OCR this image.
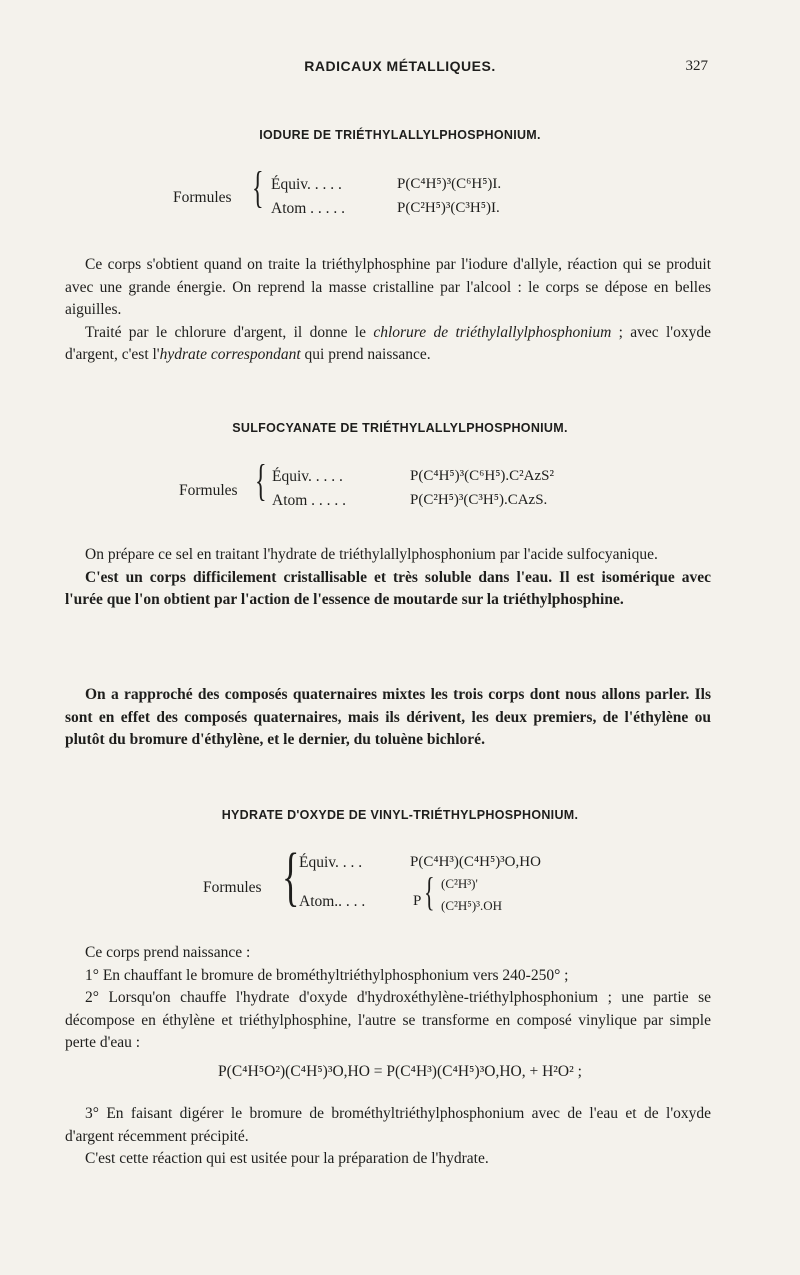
RADICAUX MÉTALLIQUES.	327
IODURE DE TRIÉTHYLALLYLPHOSPHONIUM.
Formules { Équiv. . . . .	P(C⁴H⁵)³(C⁶H⁵)I.
Atom . . . . .	P(C²H⁵)³(C³H⁵)I.

Ce corps s'obtient quand on traite la triéthylphosphine par l'iodure d'allyle, réaction qui se produit avec une grande énergie. On reprend la masse cristalline par l'alcool : le corps se dépose en belles aiguilles.

Traité par le chlorure d'argent, il donne le chlorure de triéthylallylphosphonium ; avec l'oxyde d'argent, c'est l'hydrate correspondant qui prend naissance.

SULFOCYANATE DE TRIÉTHYLALLYLPHOSPHONIUM.
Formules { Équiv. . . . .	P(C⁴H⁵)³(C⁶H⁵).C²AzS²
Atom . . . . .	P(C²H⁵)³(C³H⁵).CAzS.

On prépare ce sel en traitant l'hydrate de triéthylallylphosphonium par l'acide sulfocyanique.

C'est un corps difficilement cristallisable et très soluble dans l'eau. Il est isomérique avec l'urée que l'on obtient par l'action de l'essence de moutarde sur la triéthylphosphine.

On a rapproché des composés quaternaires mixtes les trois corps dont nous allons parler. Ils sont en effet des composés quaternaires, mais ils dérivent, les deux premiers, de l'éthylène ou plutôt du bromure d'éthylène, et le dernier, du toluène bichloré.

HYDRATE D'OXYDE DE VINYL-TRIÉTHYLPHOSPHONIUM.
Formules { Équiv. . . .	P(C⁴H³)(C⁴H⁵)³O,HO
Atom.. . . .	P { (C²H³)'
(C²H⁵)³.OH

Ce corps prend naissance :

1° En chauffant le bromure de brométhyltriéthylphosphonium vers 240-250° ;

2° Lorsqu'on chauffe l'hydrate d'oxyde d'hydroxéthylène-triéthylphosphonium ; une partie se décompose en éthylène et triéthylphosphine, l'autre se transforme en composé vinylique par simple perte d'eau :

P(C⁴H⁵O²)(C⁴H⁵)³O,HO = P(C⁴H³)(C⁴H⁵)³O,HO, + H²O² ;

3° En faisant digérer le bromure de brométhyltriéthylphosphonium avec de l'eau et de l'oxyde d'argent récemment précipité.

C'est cette réaction qui est usitée pour la préparation de l'hydrate.
